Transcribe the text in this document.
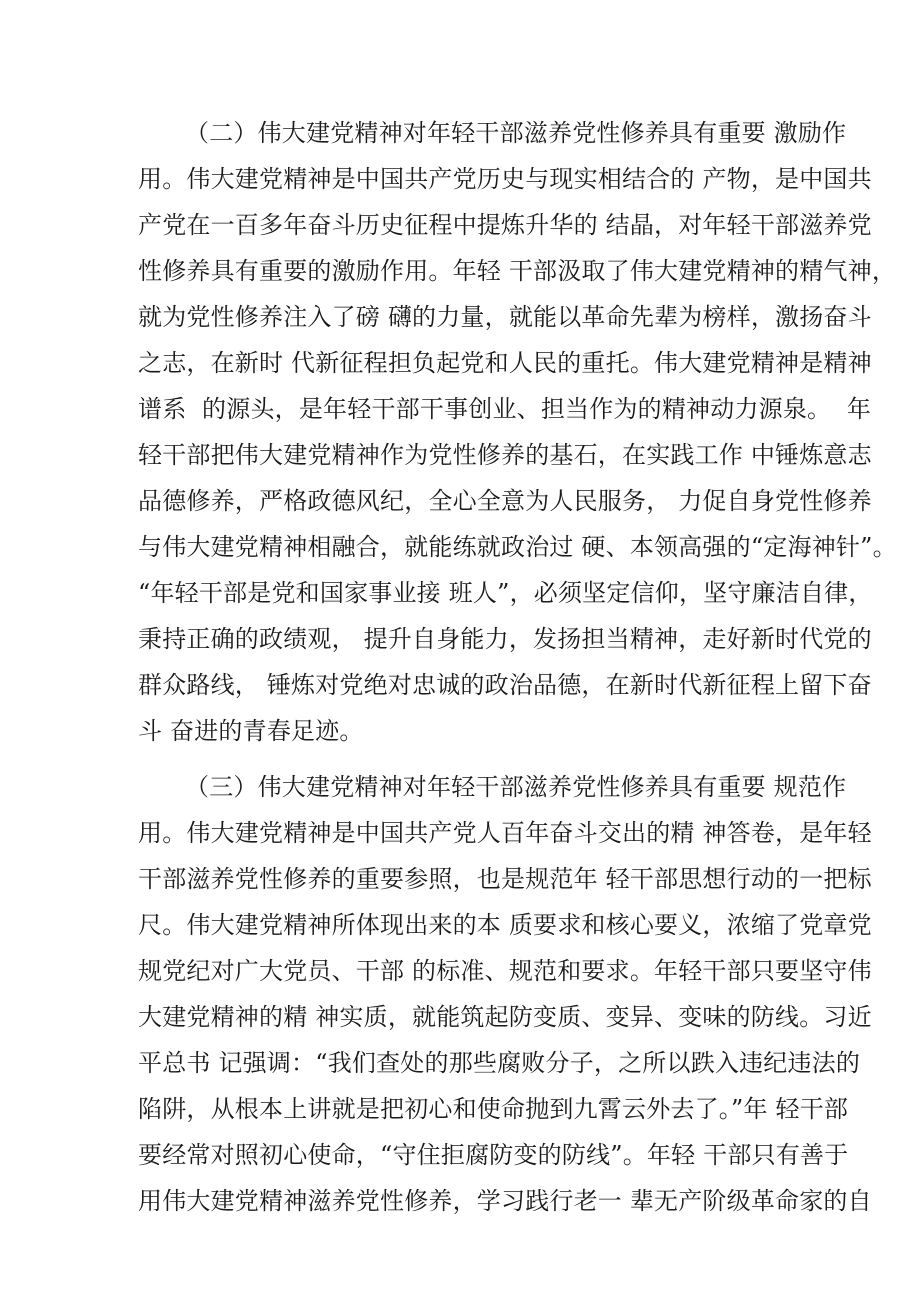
（二）伟大建党精神对年轻干部滋养党性修养具有重要 激励作
用。伟大建党精神是中国共产党历史与现实相结合的 产物，是中国共
产党在一百多年奋斗历史征程中提炼升华的 结晶，对年轻干部滋养党
性修养具有重要的激励作用。年轻 干部汲取了伟大建党精神的精气神，
就为党性修养注入了磅 礴的力量，就能以革命先辈为榜样，激扬奋斗
之志，在新时 代新征程担负起党和人民的重托。伟大建党精神是精神
谱系  的源头，是年轻干部干事创业、担当作为的精神动力源泉。  年
轻干部把伟大建党精神作为党性修养的基石，在实践工作 中锤炼意志
品德修养，严格政德风纪，全心全意为人民服务， 力促自身党性修养
与伟大建党精神相融合，就能练就政治过 硬、本领高强的“定海神针”。
“年轻干部是党和国家事业接 班人”，必须坚定信仰，坚守廉洁自律，
秉持正确的政绩观， 提升自身能力，发扬担当精神，走好新时代党的
群众路线， 锤炼对党绝对忠诚的政治品德，在新时代新征程上留下奋
斗 奋进的青春足迹。
（三）伟大建党精神对年轻干部滋养党性修养具有重要 规范作
用。伟大建党精神是中国共产党人百年奋斗交出的精 神答卷，是年轻
干部滋养党性修养的重要参照，也是规范年 轻干部思想行动的一把标
尺。伟大建党精神所体现出来的本 质要求和核心要义，浓缩了党章党
规党纪对广大党员、干部 的标准、规范和要求。年轻干部只要坚守伟
大建党精神的精 神实质，就能筑起防变质、变异、变味的防线。习近
平总书 记强调：“我们查处的那些腐败分子，之所以跌入违纪违法的
陷阱，从根本上讲就是把初心和使命抛到九霄云外去了。”年 轻干部
要经常对照初心使命，“守住拒腐防变的防线”。年轻 干部只有善于
用伟大建党精神滋养党性修养，学习践行老一 辈无产阶级革命家的自
